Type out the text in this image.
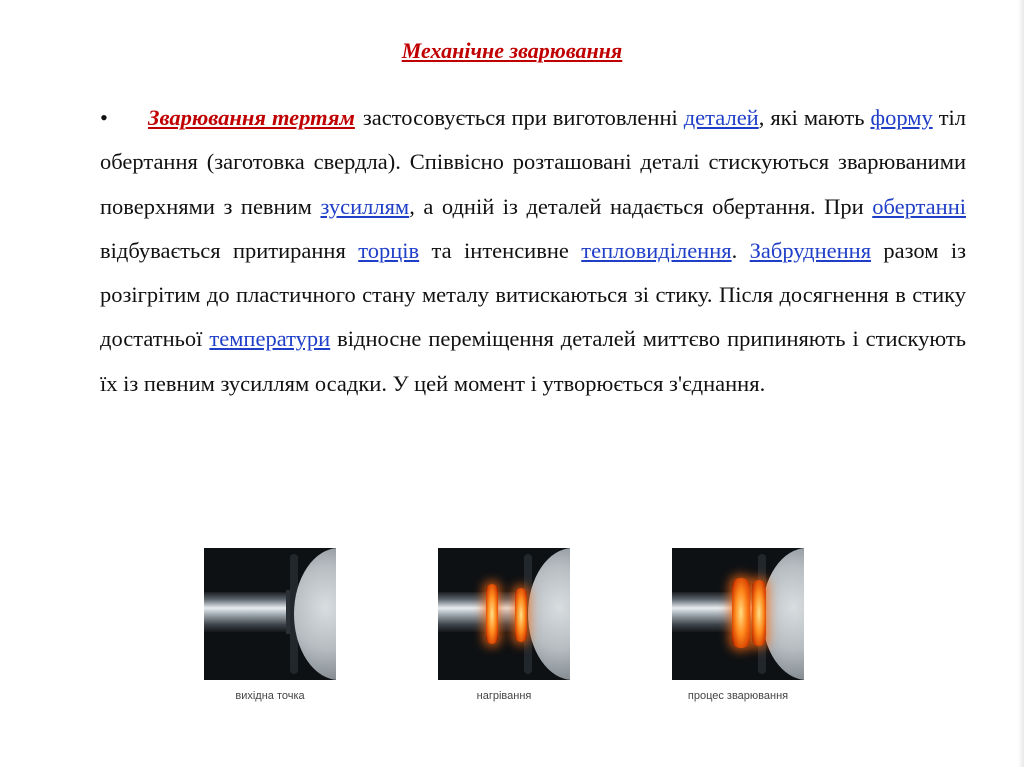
Механічне зварювання
• Зварювання тертям застосовується при виготовленні деталей, які мають форму тіл обертання (заготовка свердла). Співвісно розташовані деталі стискуються зварюваними поверхнями з певним зусиллям, а одній із деталей надається обертання. При обертанні відбувається притирання торців та інтенсивне тепловиділення. Забруднення разом із розігрітим до пластичного стану металу витискаються зі стику. Після досягнення в стику достатньої температури відносне переміщення деталей миттєво припиняють і стискують їх із певним зусиллям осадки. У цей момент і утворюється з'єднання.
вихідна точка	нагрівання	процес зварювання
